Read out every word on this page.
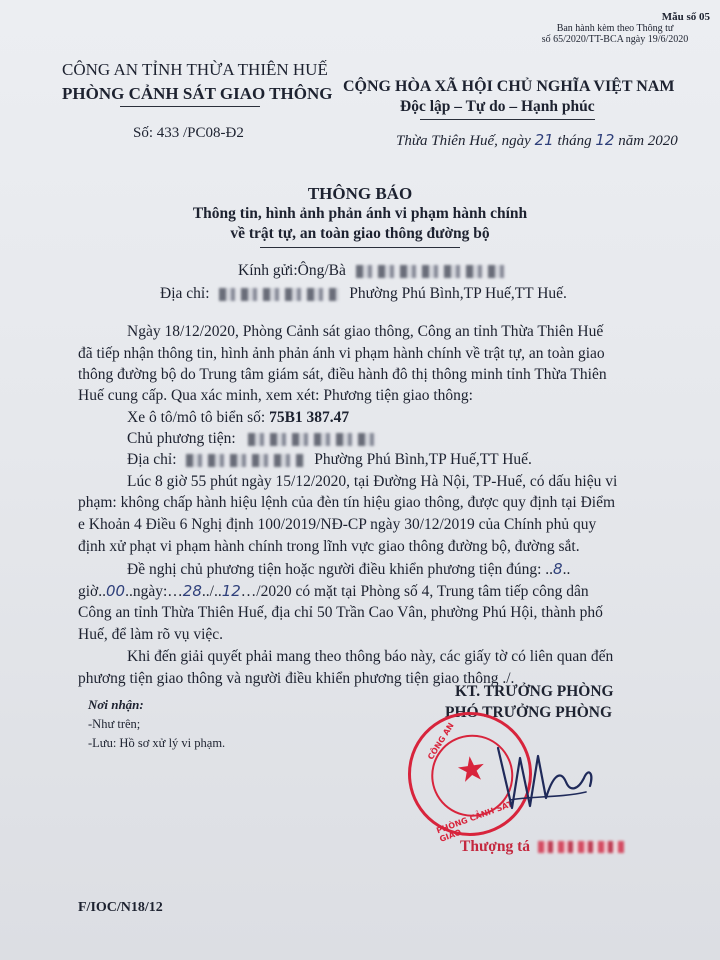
Mẫu số 05
Ban hành kèm theo Thông tư
số 65/2020/TT-BCA ngày 19/6/2020
CÔNG AN TỈNH THỪA THIÊN HUẾ
PHÒNG CẢNH SÁT GIAO THÔNG CỘNG HÒA XÃ HỘI CHỦ NGHĨA VIỆT NAM
Độc lập – Tự do – Hạnh phúc
Số: 433 /PC08-Đ2	Thừa Thiên Huế, ngày 21 tháng 12 năm 2020
THÔNG BÁO
Thông tin, hình ảnh phản ánh vi phạm hành chính
về trật tự, an toàn giao thông đường bộ
Kính gửi:Ông/Bà
Địa chỉ:	Phường Phú Bình,TP Huế,TT Huế.
Ngày 18/12/2020, Phòng Cảnh sát giao thông, Công an tỉnh Thừa Thiên Huế
đã tiếp nhận thông tin, hình ảnh phản ánh vi phạm hành chính về trật tự, an toàn giao
thông đường bộ do Trung tâm giám sát, điều hành đô thị thông minh tỉnh Thừa Thiên
Huế cung cấp. Qua xác minh, xem xét: Phương tiện giao thông:
Xe ô tô/mô tô biển số: 75B1 387.47
Chủ phương tiện:
Địa chỉ:	Phường Phú Bình,TP Huế,TT Huế.
Lúc 8 giờ 55 phút ngày 15/12/2020, tại Đường Hà Nội, TP-Huế, có dấu hiệu vi
phạm: không chấp hành hiệu lệnh của đèn tín hiệu giao thông, được quy định tại Điểm
e Khoản 4 Điều 6 Nghị định 100/2019/NĐ-CP ngày 30/12/2019 của Chính phủ quy
định xử phạt vi phạm hành chính trong lĩnh vực giao thông đường bộ, đường sắt.
Đề nghị chủ phương tiện hoặc người điều khiển phương tiện đúng: ..8..
giờ..00..ngày:…28../..12…/2020 có mặt tại Phòng số 4, Trung tâm tiếp công dân
Công an tỉnh Thừa Thiên Huế, địa chỉ 50 Trần Cao Vân, phường Phú Hội, thành phố
Huế, để làm rõ vụ việc.
Khi đến giải quyết phải mang theo thông báo này, các giấy tờ có liên quan đến
phương tiện giao thông và người điều khiển phương tiện giao thông ./.
Nơi nhận:
-Như trên;
-Lưu: Hồ sơ xử lý vi phạm.
KT. TRƯỞNG PHÒNG
PHÓ TRƯỞNG PHÒNG
CÔNG AN
PHÒNG CẢNH SÁT GIAO
★
Thượng tá
F/IOC/N18/12
